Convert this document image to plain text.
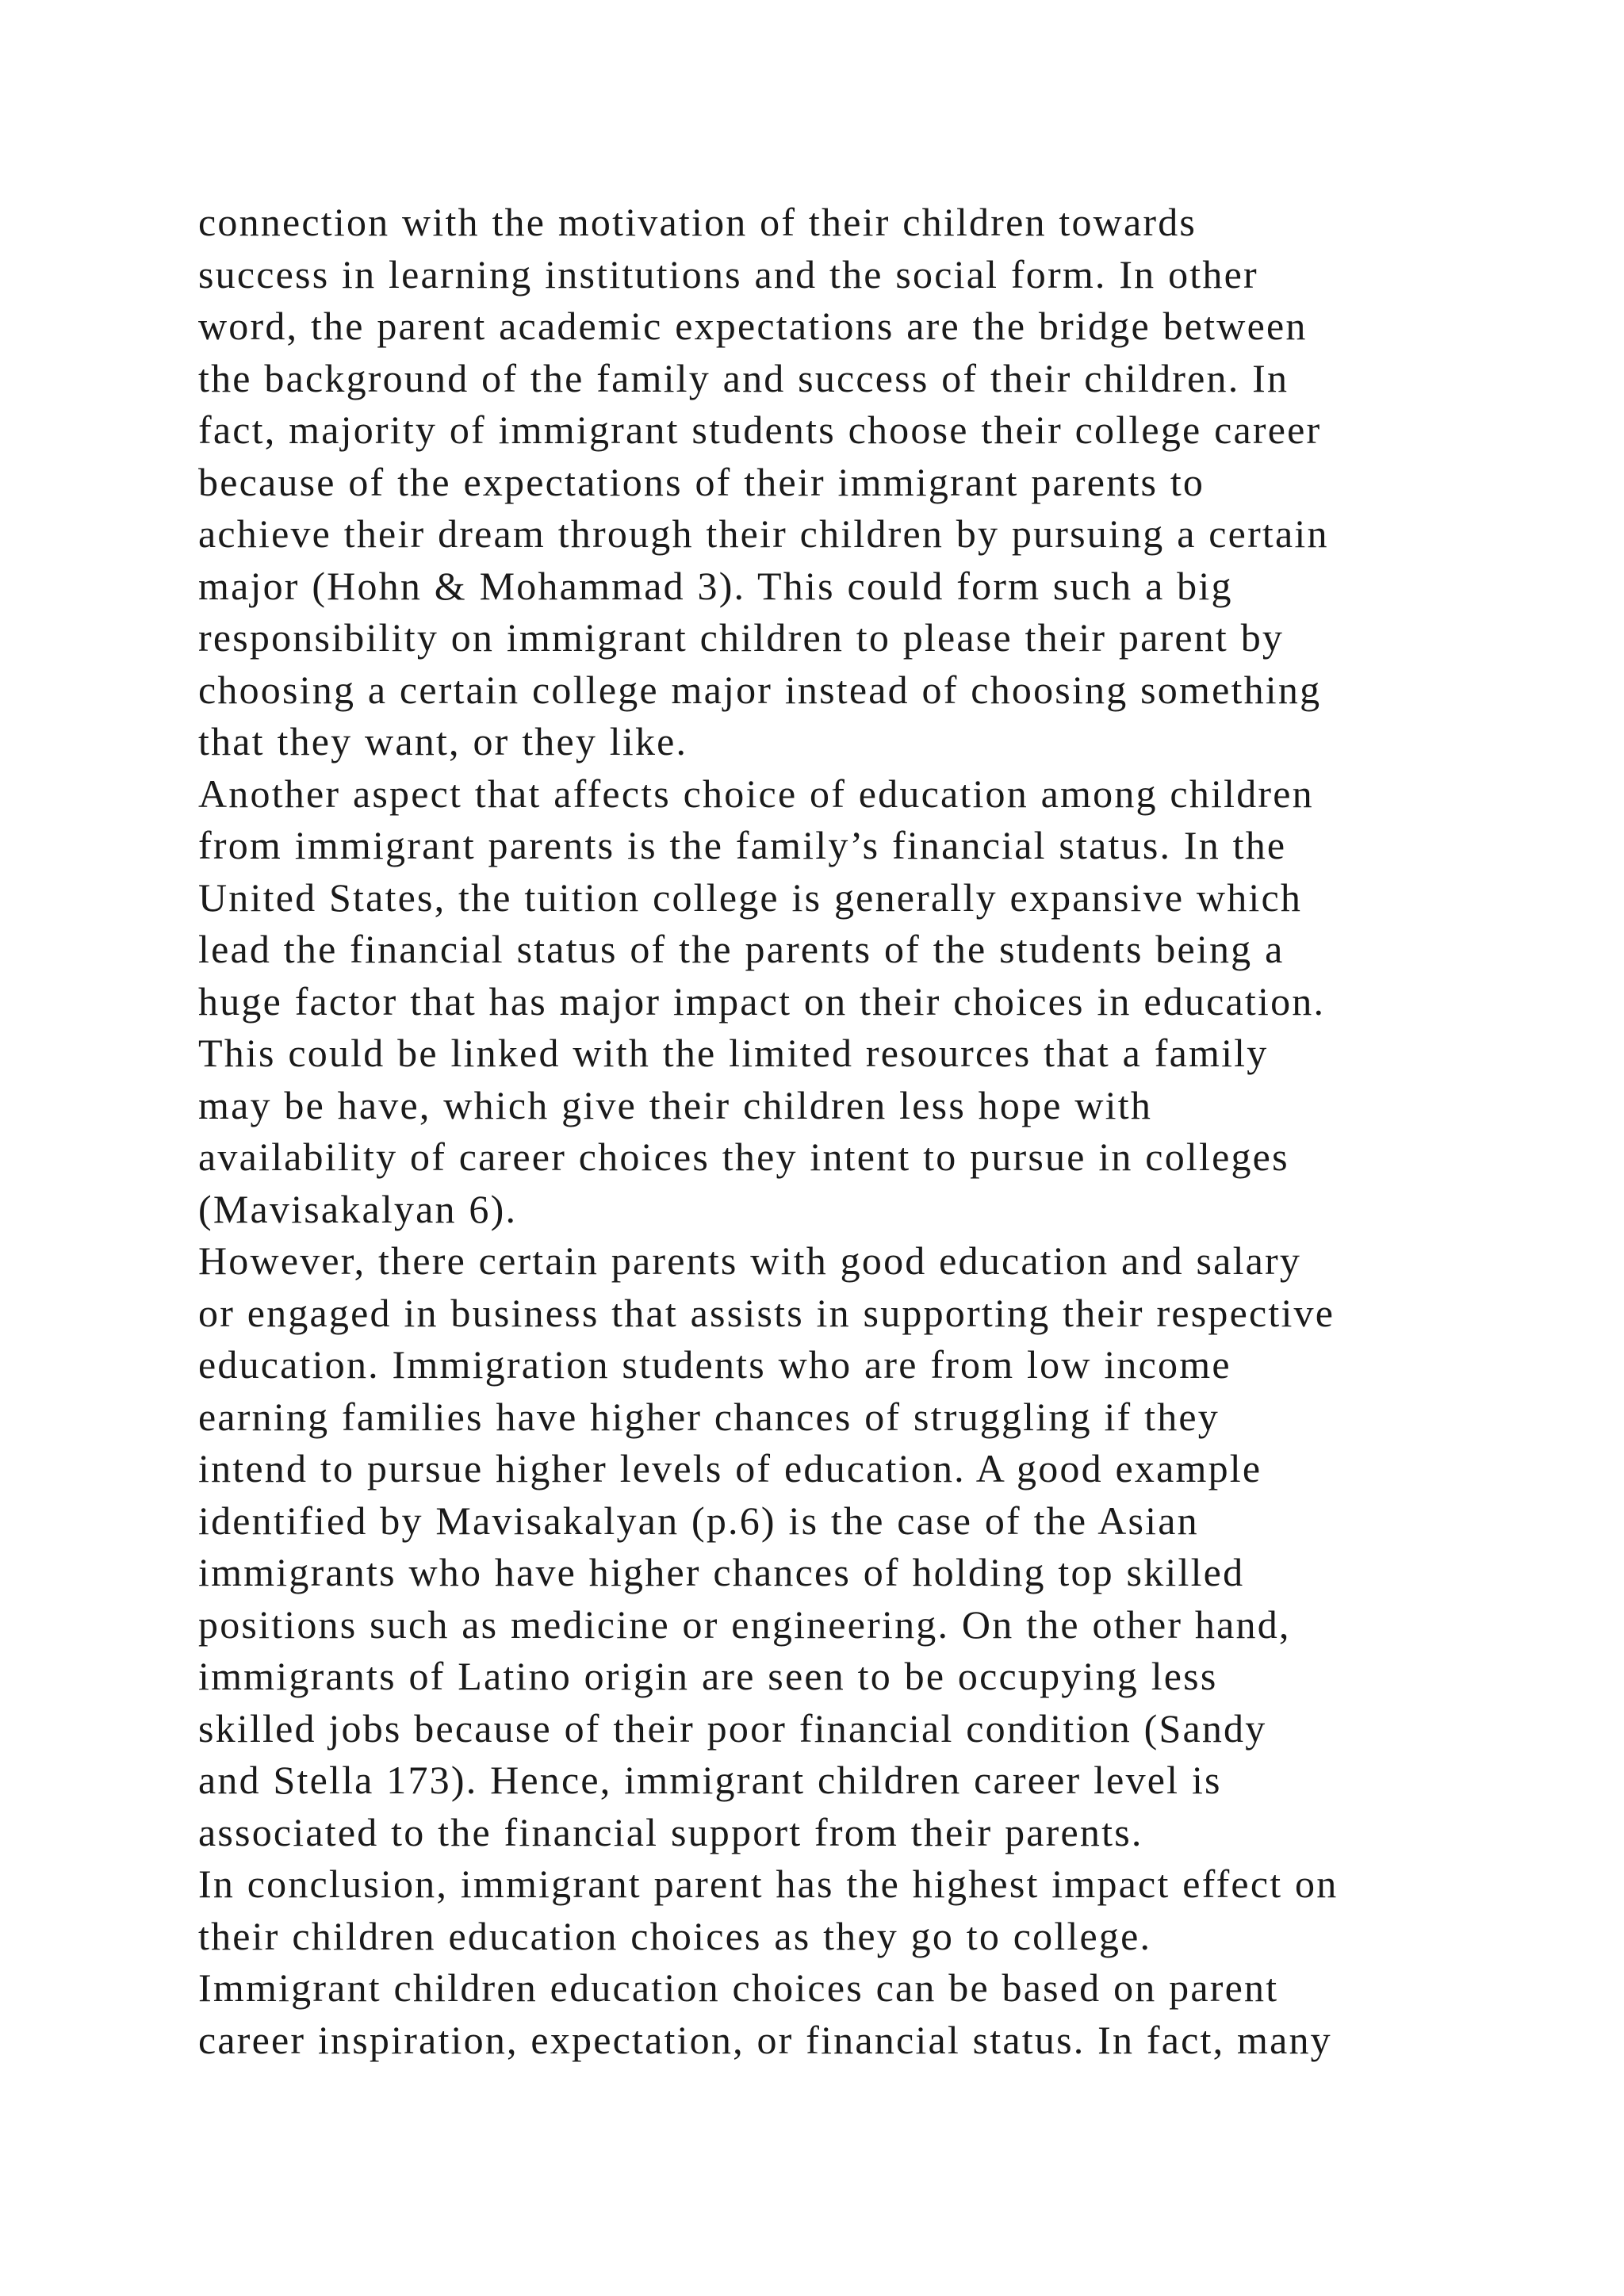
connection with the motivation of their children towards
success in learning institutions and the social form. In other
word, the parent academic expectations are the bridge between
the background of the family and success of their children. In
fact, majority of immigrant students choose their college career
because of the expectations of their immigrant parents to
achieve their dream through their children by pursuing a certain
major (Hohn & Mohammad 3). This could form such a big
responsibility on immigrant children to please their parent by
choosing a certain college major instead of choosing something
that they want, or they like.
Another aspect that affects choice of education among children
from immigrant parents is the family’s financial status. In the
United States, the tuition college is generally expansive which
lead the financial status of the parents of the students being a
huge factor that has major impact on their choices in education.
This could be linked with the limited resources that a family
may be have, which give their children less hope with
availability of career choices they intent to pursue in colleges
(Mavisakalyan 6).
However, there certain parents with good education and salary
or engaged in business that assists in supporting their respective
education. Immigration students who are from low income
earning families have higher chances of struggling if they
intend to pursue higher levels of education. A good example
identified by Mavisakalyan (p.6) is the case of the Asian
immigrants who have higher chances of holding top skilled
positions such as medicine or engineering. On the other hand,
immigrants of Latino origin are seen to be occupying less
skilled jobs because of their poor financial condition (Sandy
and Stella 173). Hence, immigrant children career level is
associated to the financial support from their parents.
In conclusion, immigrant parent has the highest impact effect on
their children education choices as they go to college.
Immigrant children education choices can be based on parent
career inspiration, expectation, or financial status. In fact, many
